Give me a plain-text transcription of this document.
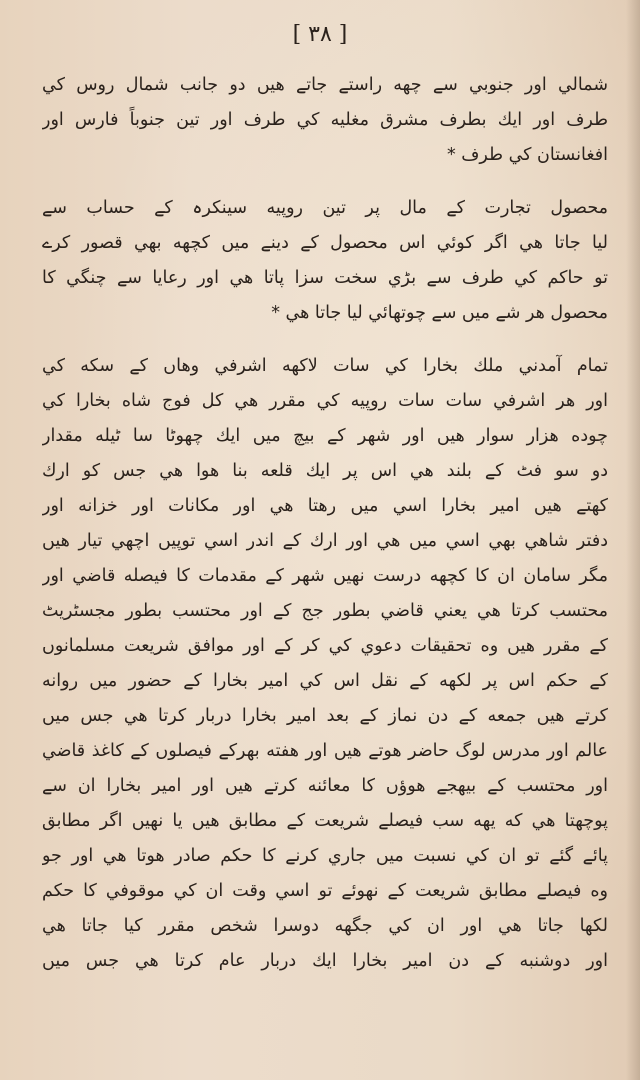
[ ۳۸ ]
شمالي اور جنوبي سے چهه راستے جاتے هيں دو جانب شمال روس كي
طرف اور ايك بطرف مشرق مغليه كي طرف اور تين جنوباً فارس اور
افغانستان كي طرف *
محصول تجارت كے مال پر تين روپيه سينكرہ كے حساب سے
ليا جاتا هي اگر كوئي اس محصول كے دينے ميں كچهه بهي قصور كرے
تو حاكم كي طرف سے بڑي سخت سزا پاتا هي اور رعايا سے چنگي كا
محصول هر شے ميں سے چوتهائي ليا جاتا هي *
تمام آمدني ملك بخارا كي سات لاكهه اشرفي وهاں كے سكه كي
اور هر اشرفي سات سات روپيه كي مقرر هي كل فوج شاه بخارا كي
چوده هزار سوار هيں اور شهر كے بيچ ميں ايك چهوٹا سا ٹيله مقدار
دو سو فٹ كے بلند هي اس پر ايك قلعه بنا هوا هي جس كو ارك
كهتے هيں امير بخارا اسي ميں رهتا هي اور مكانات اور خزانه اور
دفتر شاهي بهي اسي ميں هي اور ارك كے اندر اسي توپيں اچهي تيار هيں
مگر سامان ان كا كچهه درست نهيں شهر كے مقدمات كا فيصله قاضي اور
محتسب كرتا هي يعني قاضي بطور جج كے اور محتسب بطور مجسٹريٹ
كے مقرر هيں وه تحقيقات دعوي كي كر كے اور موافق شريعت مسلمانوں
كے حكم اس پر لكهه كے نقل اس كي امير بخارا كے حضور ميں روانه
كرتے هيں جمعه كے دن نماز كے بعد امير بخارا دربار كرتا هي جس ميں
عالم اور مدرس لوگ حاضر هوتے هيں اور هفته بهركے فيصلوں كے كاغذ قاضي
اور محتسب كے بيهجے هوؤں كا معائنه كرتے هيں اور امير بخارا ان سے
پوچهتا هي كه يهه سب فيصلے شريعت كے مطابق هيں يا نهيں اگر مطابق
پائے گئے تو ان كي نسبت ميں جاري كرنے كا حكم صادر هوتا هي اور جو
وه فيصلے مطابق شريعت كے نهوئے تو اسي وقت ان كي موقوفي كا حكم
لكها جاتا هي اور ان كي جگهه دوسرا شخص مقرر كيا جاتا هي
اور دوشنبه كے دن امير بخارا ايك دربار عام كرتا هي جس ميں
